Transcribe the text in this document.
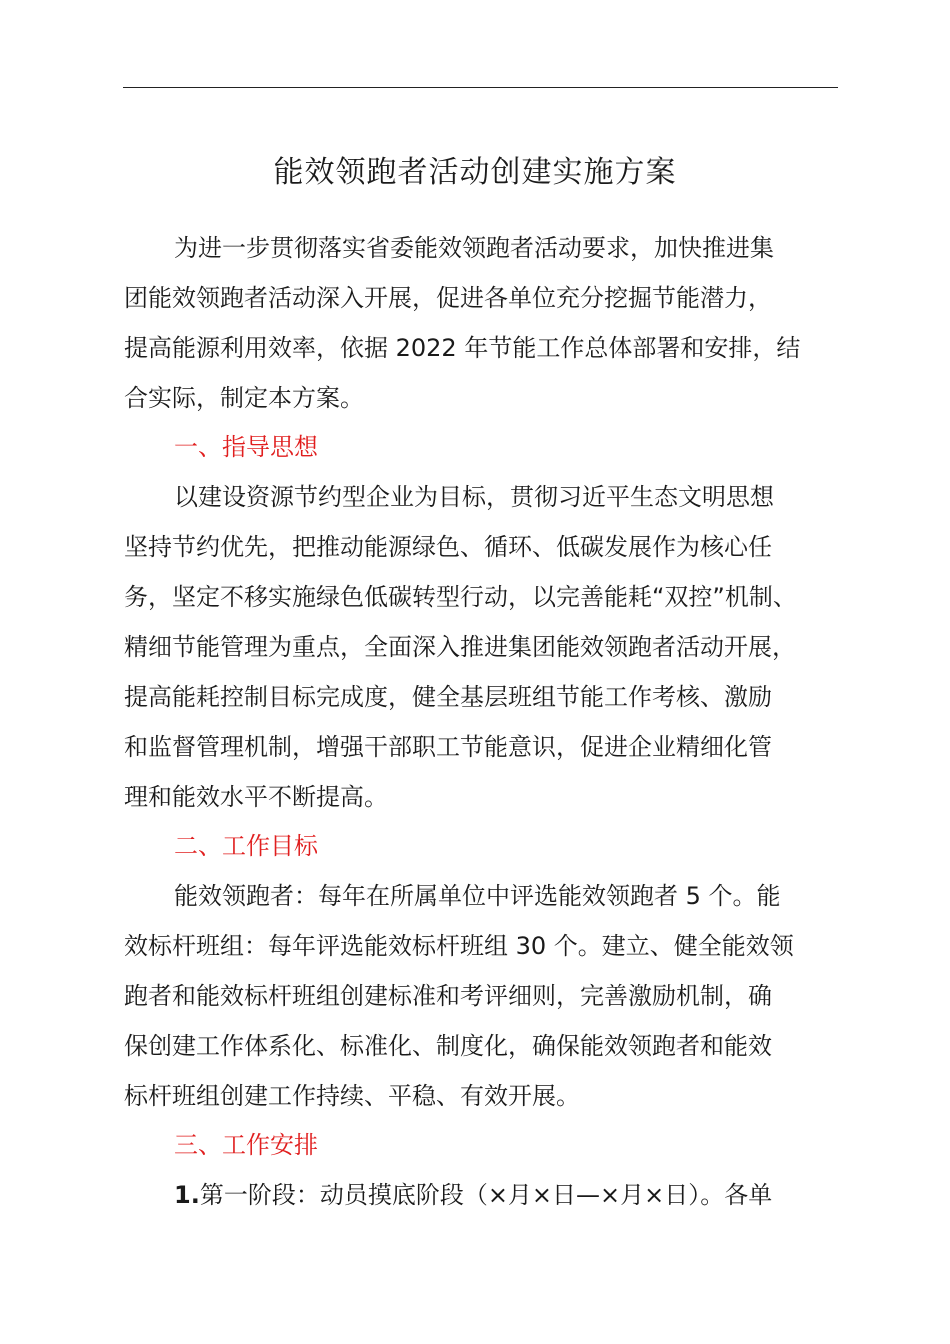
能效领跑者活动创建实施方案
为进一步贯彻落实省委能效领跑者活动要求，加快推进集
团能效领跑者活动深入开展，促进各单位充分挖掘节能潜力，
提高能源利用效率，依据 2022 年节能工作总体部署和安排，结
合实际，制定本方案。
一、指导思想
以建设资源节约型企业为目标，贯彻习近平生态文明思想
坚持节约优先，把推动能源绿色、循环、低碳发展作为核心任
务，坚定不移实施绿色低碳转型行动，以完善能耗“双控”机制、
精细节能管理为重点，全面深入推进集团能效领跑者活动开展，
提高能耗控制目标完成度，健全基层班组节能工作考核、激励
和监督管理机制，增强干部职工节能意识，促进企业精细化管
理和能效水平不断提高。
二、工作目标
能效领跑者：每年在所属单位中评选能效领跑者 5 个。能
效标杆班组：每年评选能效标杆班组 30 个。建立、健全能效领
跑者和能效标杆班组创建标准和考评细则，完善激励机制，确
保创建工作体系化、标准化、制度化，确保能效领跑者和能效
标杆班组创建工作持续、平稳、有效开展。
三、工作安排
1.第一阶段：动员摸底阶段（×月×日—×月×日）。各单
